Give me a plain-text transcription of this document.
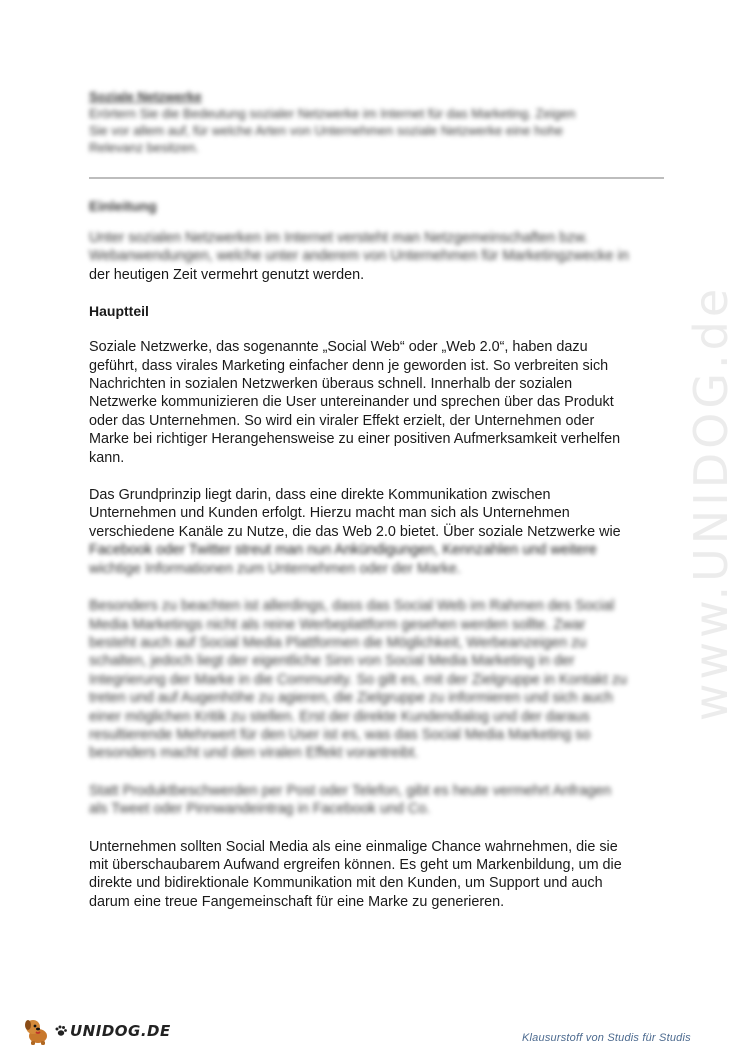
www.UNIDOG.de
Soziale Netzwerke

Erörtern Sie die Bedeutung sozialer Netzwerke im Internet für das Marketing. Zeigen

Sie vor allem auf, für welche Arten von Unternehmen soziale Netzwerke eine hohe

Relevanz besitzen.

Einleitung

Unter sozialen Netzwerken im Internet versteht man Netzgemeinschaften bzw.

Webanwendungen, welche unter anderem von Unternehmen für Marketingzwecke in

der heutigen Zeit vermehrt genutzt werden.

Hauptteil

Soziale Netzwerke, das sogenannte „Social Web“ oder „Web 2.0“, haben dazu

geführt, dass virales Marketing einfacher denn je geworden ist. So verbreiten sich

Nachrichten in sozialen Netzwerken überaus schnell. Innerhalb der sozialen

Netzwerke kommunizieren die User untereinander und sprechen über das Produkt

oder das Unternehmen. So wird ein viraler Effekt erzielt, der Unternehmen oder

Marke bei richtiger Herangehensweise zu einer positiven Aufmerksamkeit verhelfen

kann.

Das Grundprinzip liegt darin, dass eine direkte Kommunikation zwischen

Unternehmen und Kunden erfolgt. Hierzu macht man sich als Unternehmen

verschiedene Kanäle zu Nutze, die das Web 2.0 bietet. Über soziale Netzwerke wie

Facebook oder Twitter streut man nun Ankündigungen, Kennzahlen und weitere

wichtige Informationen zum Unternehmen oder der Marke.

Besonders zu beachten ist allerdings, dass das Social Web im Rahmen des Social

Media Marketings nicht als reine Werbeplattform gesehen werden sollte. Zwar

besteht auch auf Social Media Plattformen die Möglichkeit, Werbeanzeigen zu

schalten, jedoch liegt der eigentliche Sinn von Social Media Marketing in der

Integrierung der Marke in die Community. So gilt es, mit der Zielgruppe in Kontakt zu

treten und auf Augenhöhe zu agieren, die Zielgruppe zu informieren und sich auch

einer möglichen Kritik zu stellen. Erst der direkte Kundendialog und der daraus

resultierende Mehrwert für den User ist es, was das Social Media Marketing so

besonders macht und den viralen Effekt vorantreibt.

Statt Produktbeschwerden per Post oder Telefon, gibt es heute vermehrt Anfragen

als Tweet oder Pinnwandeintrag in Facebook und Co.

Unternehmen sollten Social Media als eine einmalige Chance wahrnehmen, die sie

mit überschaubarem Aufwand ergreifen können. Es geht um Markenbildung, um die

direkte und bidirektionale Kommunikation mit den Kunden, um Support und auch

darum eine treue Fangemeinschaft für eine Marke zu generieren.

UNIDOG.DE	Klausurstoff von Studis für Studis
